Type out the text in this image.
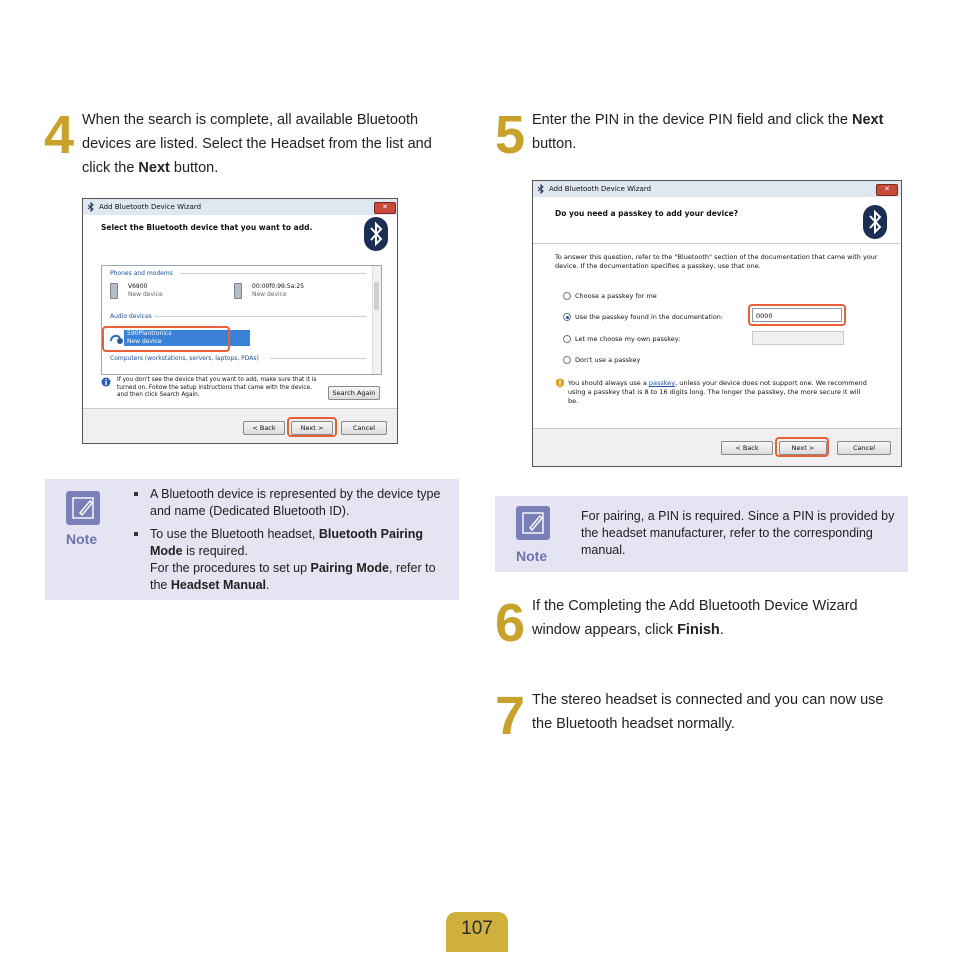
4 When the search is complete, all available Bluetooth devices are listed. Select the Headset from the list and click the Next button.
Add Bluetooth Device Wizard	✕
Select the Bluetooth device that you want to add.
Phones and modems
V6900
New device
00:00f0:99:5a:25
New device
Audio devices
590Plantronics
New device
Computers (workstations, servers, laptops, PDAs)
If you don't see the device that you want to add, make sure that it is turned on. Follow the setup instructions that came with the device, and then click Search Again.	Search Again
< Back	Next >	Cancel
Note
A Bluetooth device is represented by the device type and name (Dedicated Bluetooth ID).
To use the Bluetooth headset, Bluetooth Pairing Mode is required.
For the procedures to set up Pairing Mode, refer to the Headset Manual.
5 Enter the PIN in the device PIN field and click the Next button.
Add Bluetooth Device Wizard	✕
Do you need a passkey to add your device?
To answer this question, refer to the "Bluetooth" section of the documentation that came with your device. If the documentation specifies a passkey, use that one.
Choose a passkey for me
Use the passkey found in the documentation:	0000
Let me choose my own passkey:
Don't use a passkey
You should always use a passkey, unless your device does not support one. We recommend using a passkey that is 8 to 16 digits long. The longer the passkey, the more secure it will be.
< Back	Next >	Cancel
Note
For pairing, a PIN is required. Since a PIN is provided by the headset manufacturer, refer to the corresponding manual.
6 If the Completing the Add Bluetooth Device Wizard window appears, click Finish.
7 The stereo headset is connected and you can now use the Bluetooth headset normally.
107
